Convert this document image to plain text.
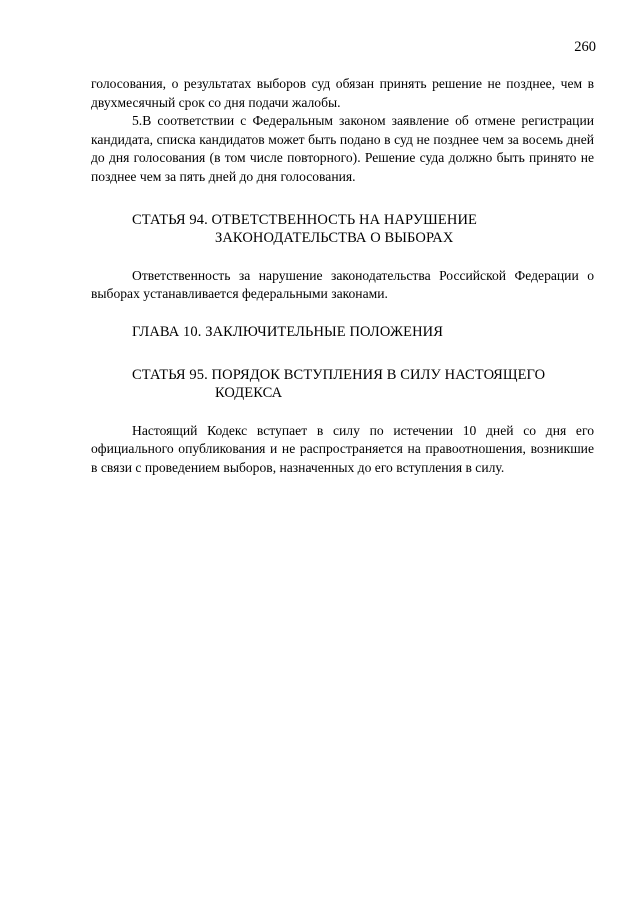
260

голосования, о результатах выборов суд обязан принять решение не позднее, чем в двухмесячный срок со дня подачи жалобы.

5.В соответствии с Федеральным законом заявление об отмене регистрации кандидата, списка кандидатов может быть подано в суд не позднее чем за восемь дней до дня голосования (в том числе повторного). Решение суда должно быть принято не позднее чем за пять дней до дня голосования.

СТАТЬЯ 94. ОТВЕТСТВЕННОСТЬ НА НАРУШЕНИЕ
ЗАКОНОДАТЕЛЬСТВА О ВЫБОРАХ

Ответственность за нарушение законодательства Российской Федерации о выборах устанавливается федеральными законами.

ГЛАВА 10. ЗАКЛЮЧИТЕЛЬНЫЕ ПОЛОЖЕНИЯ
СТАТЬЯ 95. ПОРЯДОК ВСТУПЛЕНИЯ В СИЛУ НАСТОЯЩЕГО
КОДЕКСА

Настоящий Кодекс вступает в силу по истечении 10 дней со дня его официального опубликования и не распространяется на правоотношения, возникшие в связи с проведением выборов, назначенных до его вступления в силу.
